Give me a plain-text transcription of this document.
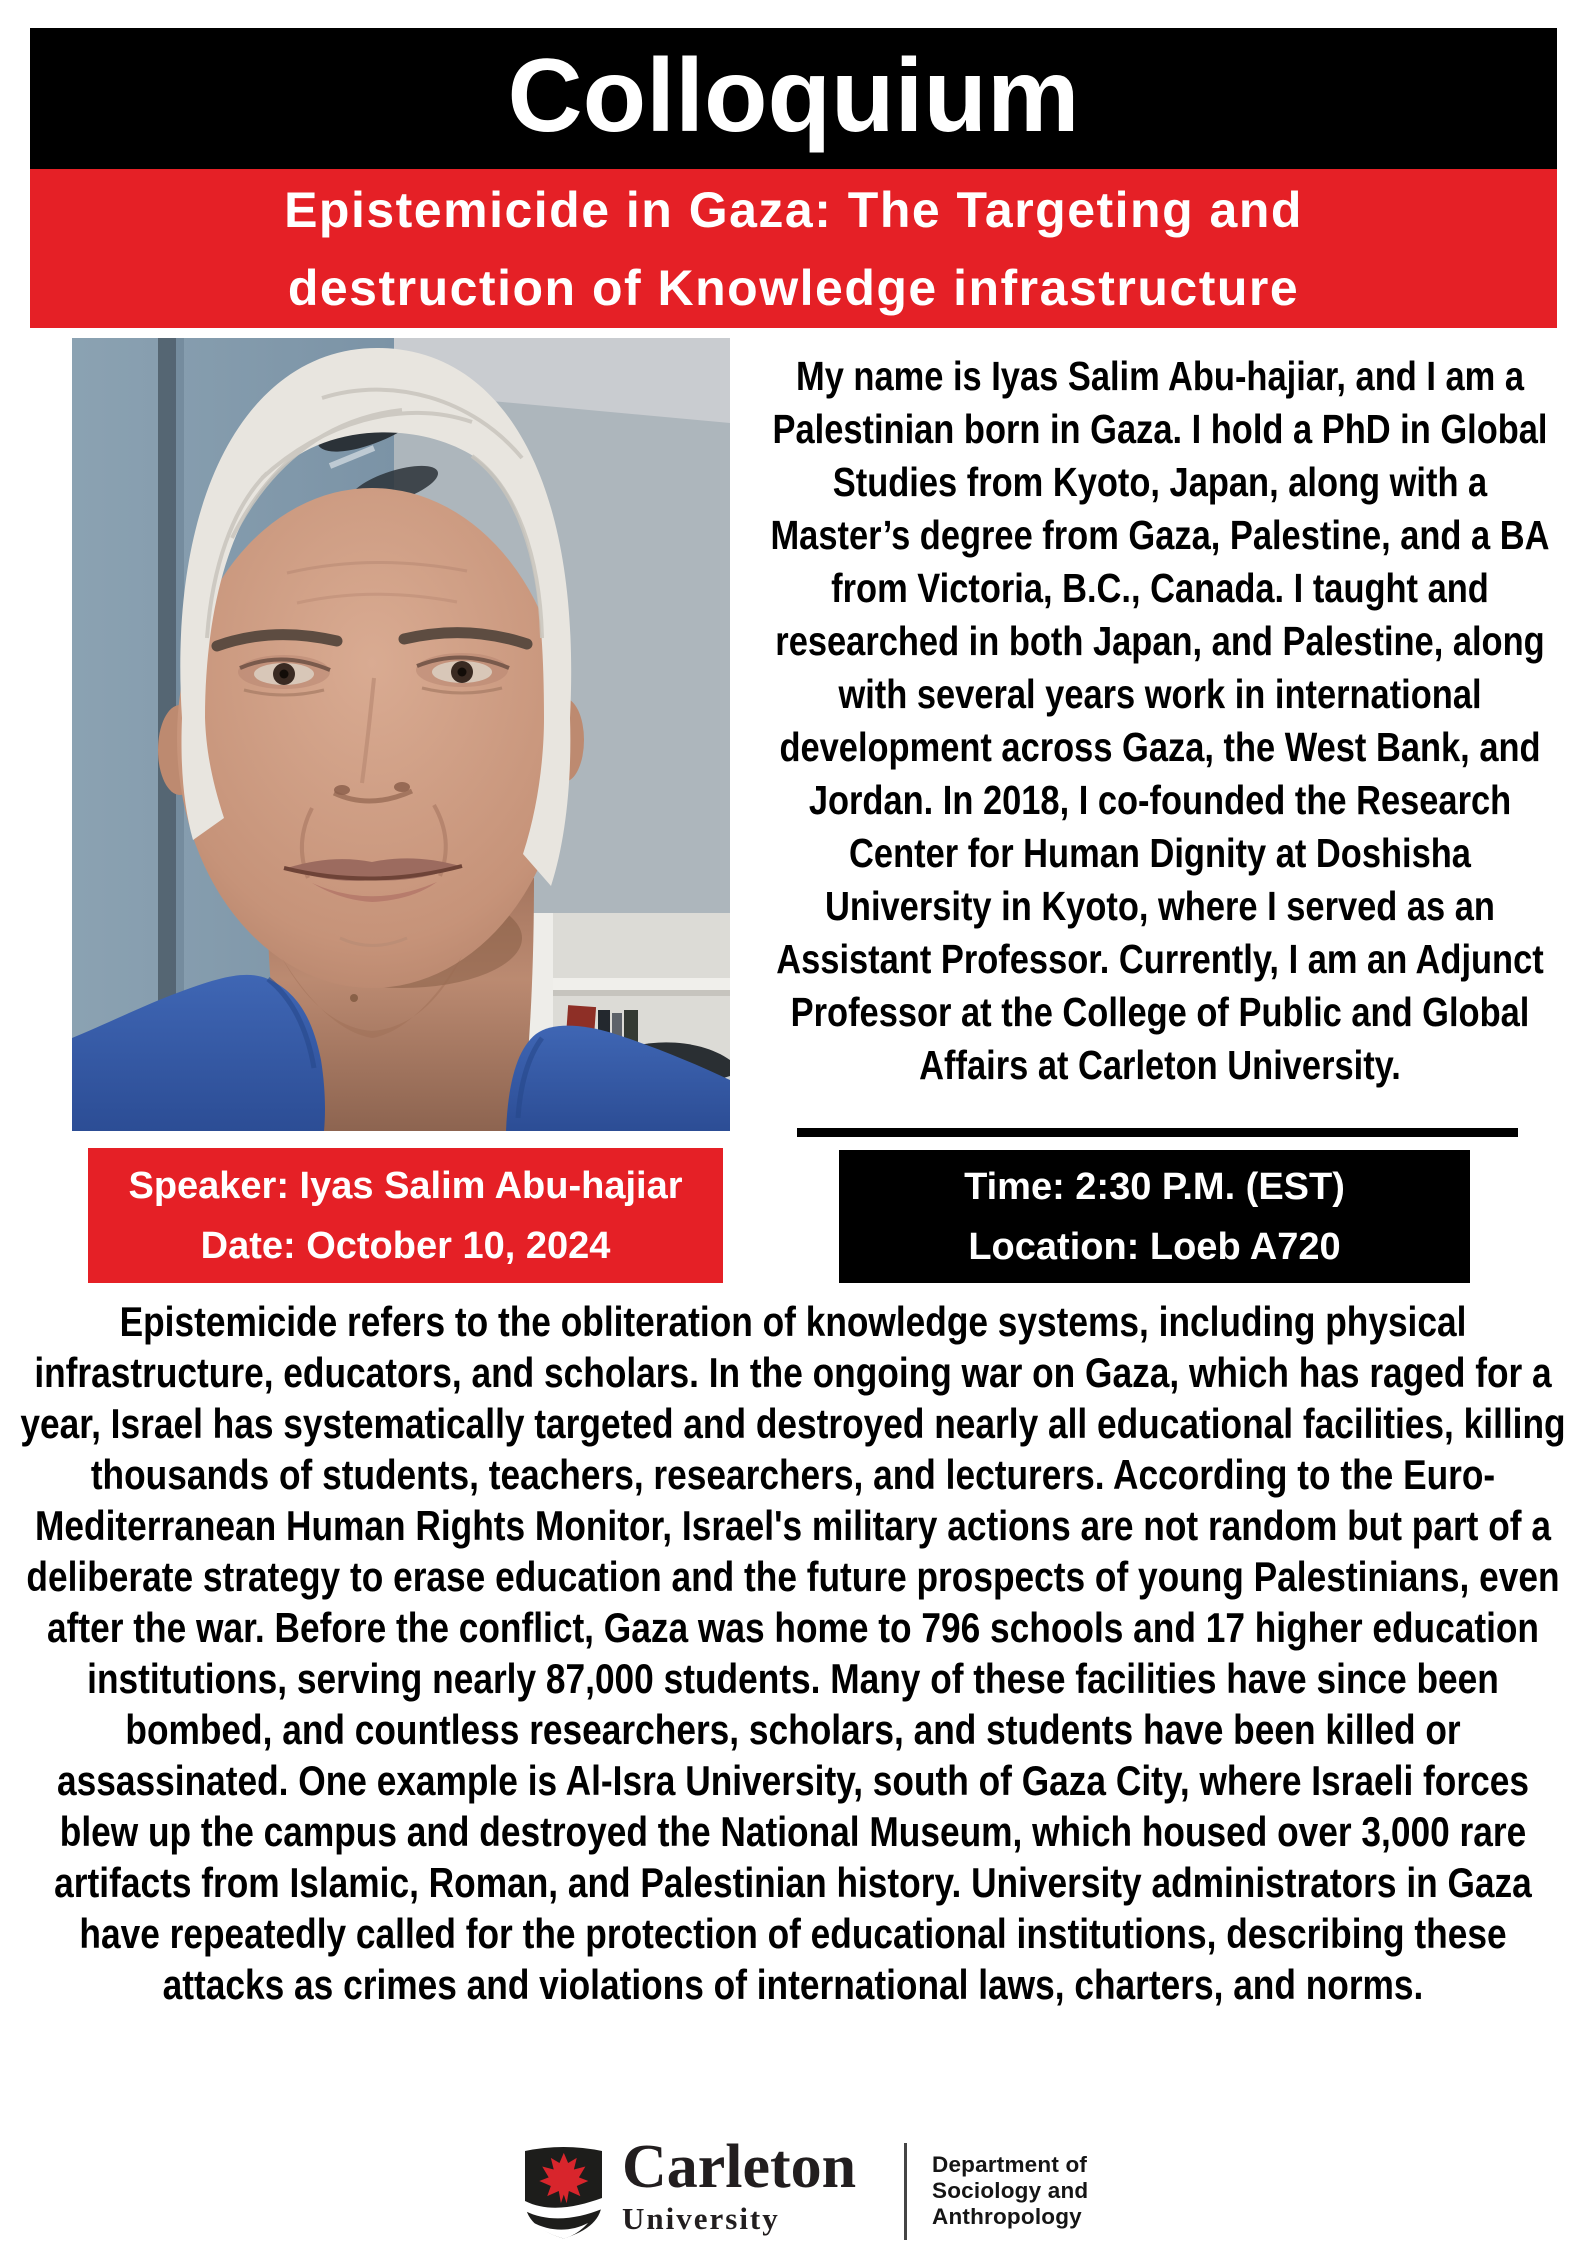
Colloquium
Epistemicide in Gaza: The Targeting and
destruction of Knowledge infrastructure

My name is Iyas Salim Abu-hajiar, and I am a Palestinian born in Gaza. I hold a PhD in Global Studies from Kyoto, Japan, along with a Master’s degree from Gaza, Palestine, and a BA from Victoria, B.C., Canada. I taught and researched in both Japan, and Palestine, along with several years work in international development across Gaza, the West Bank, and Jordan. In 2018, I co-founded the Research Center for Human Dignity at Doshisha University in Kyoto, where I served as an Assistant Professor. Currently, I am an Adjunct Professor at the College of Public and Global Affairs at Carleton University.

Speaker: Iyas Salim Abu-hajiar
Date: October 10, 2024
Time: 2:30 P.M. (EST)
Location: Loeb A720

Epistemicide refers to the obliteration of knowledge systems, including physical infrastructure, educators, and scholars. In the ongoing war on Gaza, which has raged for a year, Israel has systematically targeted and destroyed nearly all educational facilities, killing thousands of students, teachers, researchers, and lecturers. According to the Euro-Mediterranean Human Rights Monitor, Israel's military actions are not random but part of a deliberate strategy to erase education and the future prospects of young Palestinians, even after the war. Before the conflict, Gaza was home to 796 schools and 17 higher education institutions, serving nearly 87,000 students. Many of these facilities have since been bombed, and countless researchers, scholars, and students have been killed or assassinated. One example is Al-Isra University, south of Gaza City, where Israeli forces blew up the campus and destroyed the National Museum, which housed over 3,000 rare artifacts from Islamic, Roman, and Palestinian history. University administrators in Gaza have repeatedly called for the protection of educational institutions, describing these attacks as crimes and violations of international laws, charters, and norms.

Carleton
University
Department of
Sociology and
Anthropology
